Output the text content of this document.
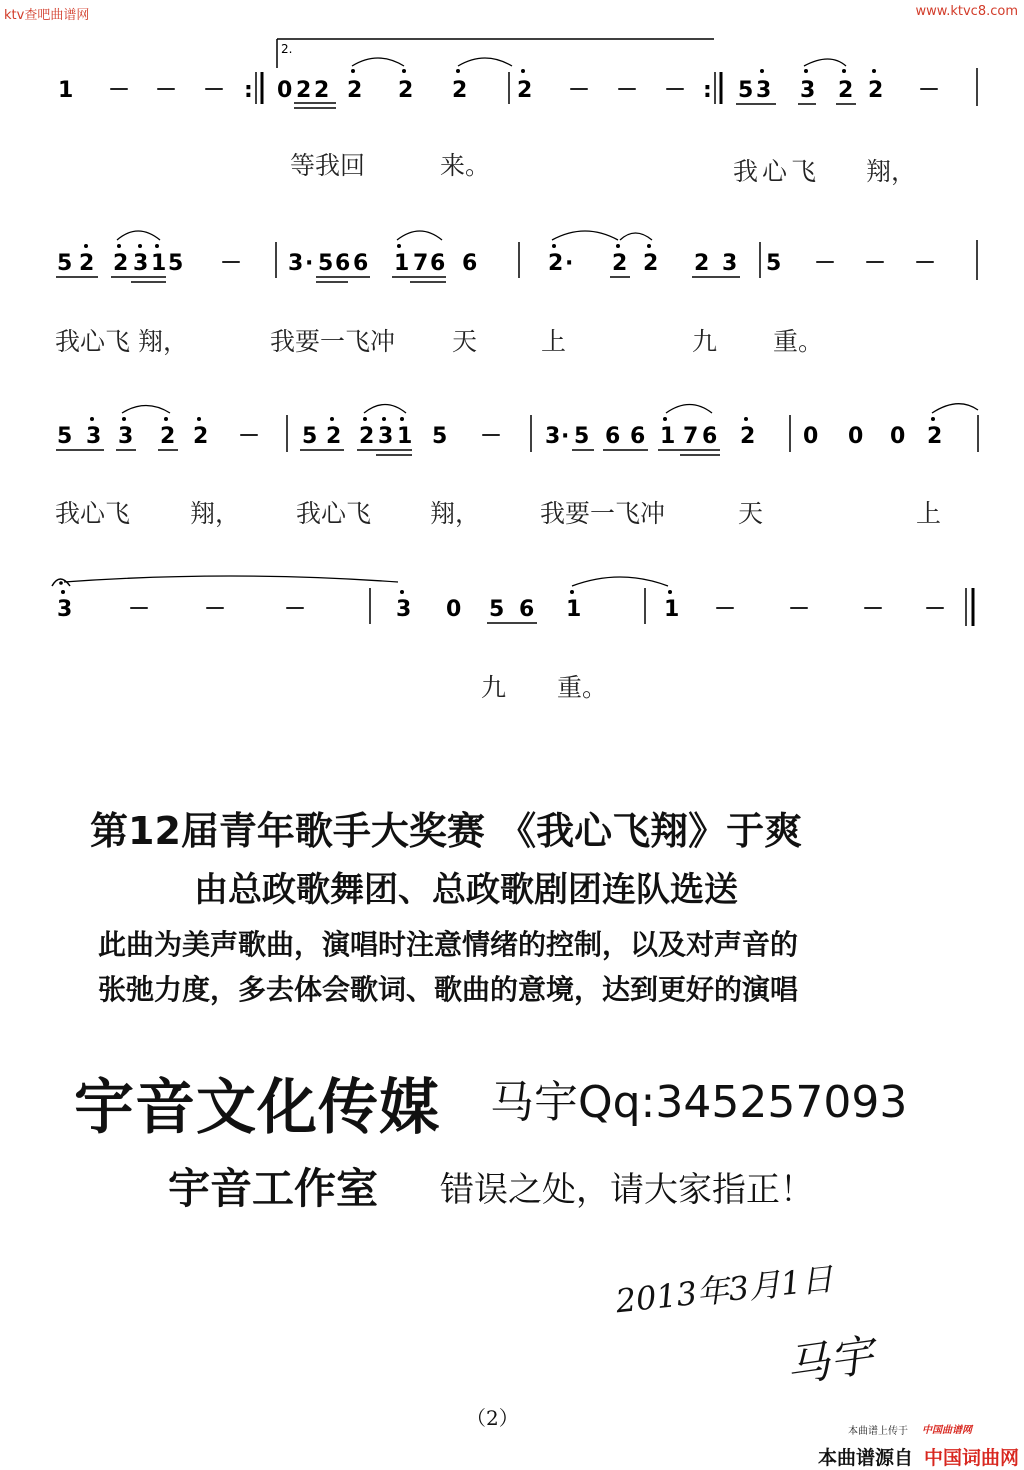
ktv查吧曲谱网	www.ktvc8.com
2.
1 － － － : 0 2 2 2 2 2 2 － － － : 5 3 3 2 2 －
5 2 2 3 1 5 － 3 · 5 6 6 1 7 6 6	2 · 2 2 2 3 5 － － －
5 3 3 2 2 － 5 2 2 3 1 5 － 3 · 5 6 6 1 7 6 2 0 0 0 2
3	－ －	－	3 0 5 6 1	1 － － － －
等我回	来。	我心飞 翔，
我心飞 翔，	我要一飞冲 天	上	九 重。
我心飞 翔， 我心飞 翔， 我要一飞冲	天	上
九 重。
第12届青年歌手大奖赛 《我心飞翔》于爽
由总政歌舞团、总政歌剧团连队选送
此曲为美声歌曲，演唱时注意情绪的控制，以及对声音的
张弛力度，多去体会歌词、歌曲的意境，达到更好的演唱
宇音文化传媒 马宇Qq:345257093
宇音工作室 错误之处，请大家指正！
2013年3月1日
马宇
（2）
本曲谱上传于 中国曲谱网
本曲谱源自 中国词曲网
